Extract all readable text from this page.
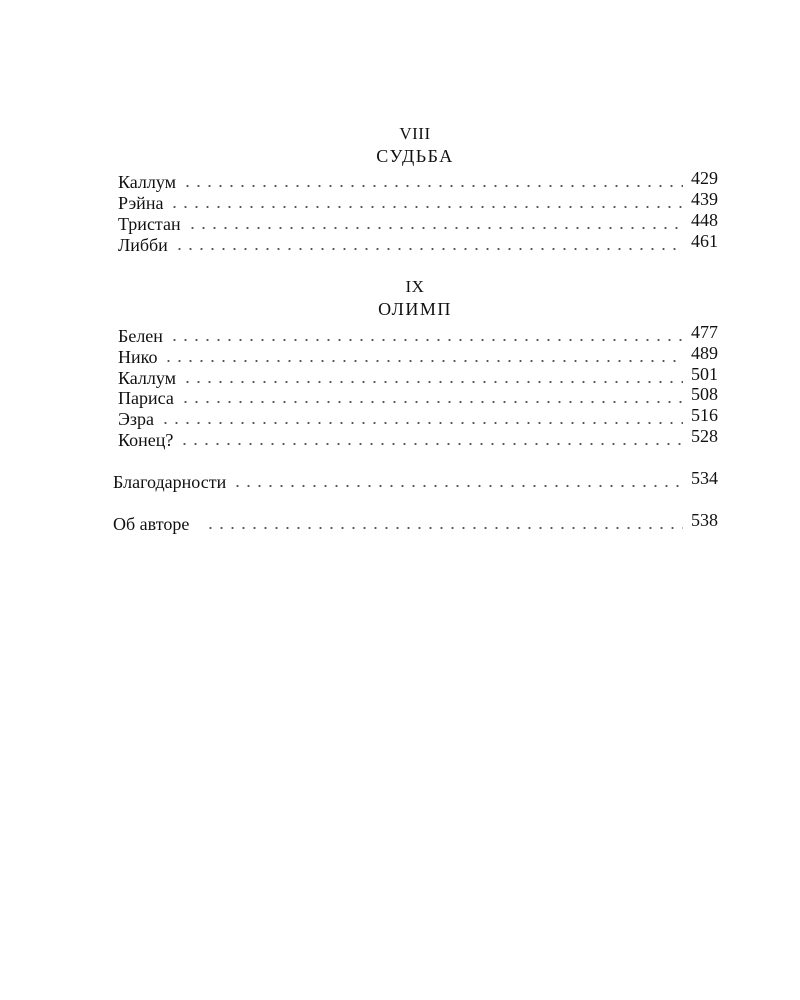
VIII
СУДЬБА
Каллум	429
Рэйна	439
Тристан	448
Либби	461
IX
ОЛИМП
Белен	477
Нико	489
Каллум	501
Париса	508
Эзра	516
Конец?	528
Благодарности	534
Об авторе	538
